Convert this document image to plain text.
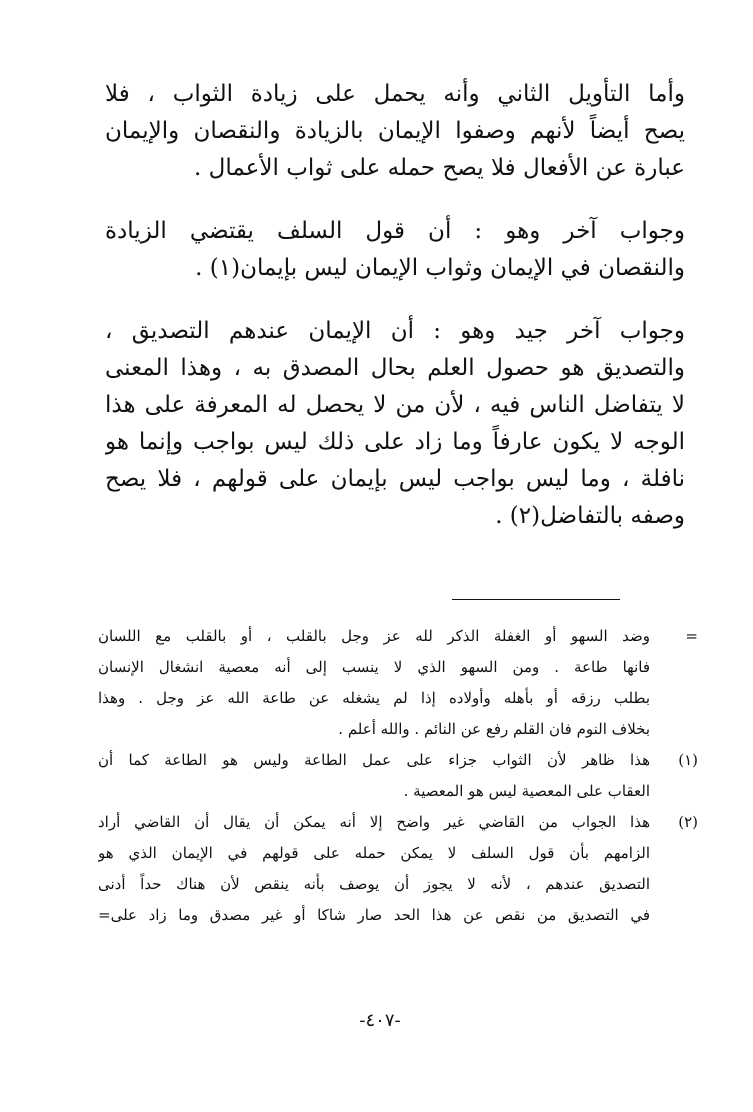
وأما التأويل الثاني وأنه يحمل على زيادة الثواب ، فلا
يصح أيضاً لأنهم وصفوا الإيمان بالزيادة والنقصان والإيمان
عبارة عن الأفعال فلا يصح حمله على ثواب الأعمال .
وجواب آخر وهو : أن قول السلف يقتضي الزيادة
والنقصان في الإيمان وثواب الإيمان ليس بإيمان(١) .
وجواب آخر جيد وهو : أن الإيمان عندهم التصديق ،
والتصديق هو حصول العلم بحال المصدق به ، وهذا المعنى
لا يتفاضل الناس فيه ، لأن من لا يحصل له المعرفة على هذا
الوجه لا يكون عارفاً وما زاد على ذلك ليس بواجب وإنما هو
نافلة ، وما ليس بواجب ليس بإيمان على قولهم ، فلا يصح
وصفه بالتفاضل(٢) .
=
وضد السهو أو الغفلة الذكر لله عز وجل بالقلب ، أو بالقلب مع اللسان
فانها طاعة . ومن السهو الذي لا ينسب إلى أنه معصية انشغال الإنسان
بطلب رزقه أو بأهله وأولاده إذا لم يشغله عن طاعة الله عز وجل . وهذا
بخلاف النوم فان القلم رفع عن النائم . والله أعلم .
(١)
هذا ظاهر لأن الثواب جزاء على عمل الطاعة وليس هو الطاعة كما أن
العقاب على المعصية ليس هو المعصية .
(٢)
هذا الجواب من القاضي غير واضح إلا أنه يمكن أن يقال أن القاضي أراد
الزامهم بأن قول السلف لا يمكن حمله على قولهم في الإيمان الذي هو
التصديق عندهم ، لأنه لا يجوز أن يوصف بأنه ينقص لأن هناك حداً أدنى
في التصديق من نقص عن هذا الحد صار شاكا أو غير مصدق وما زاد على=
-٤٠٧-
